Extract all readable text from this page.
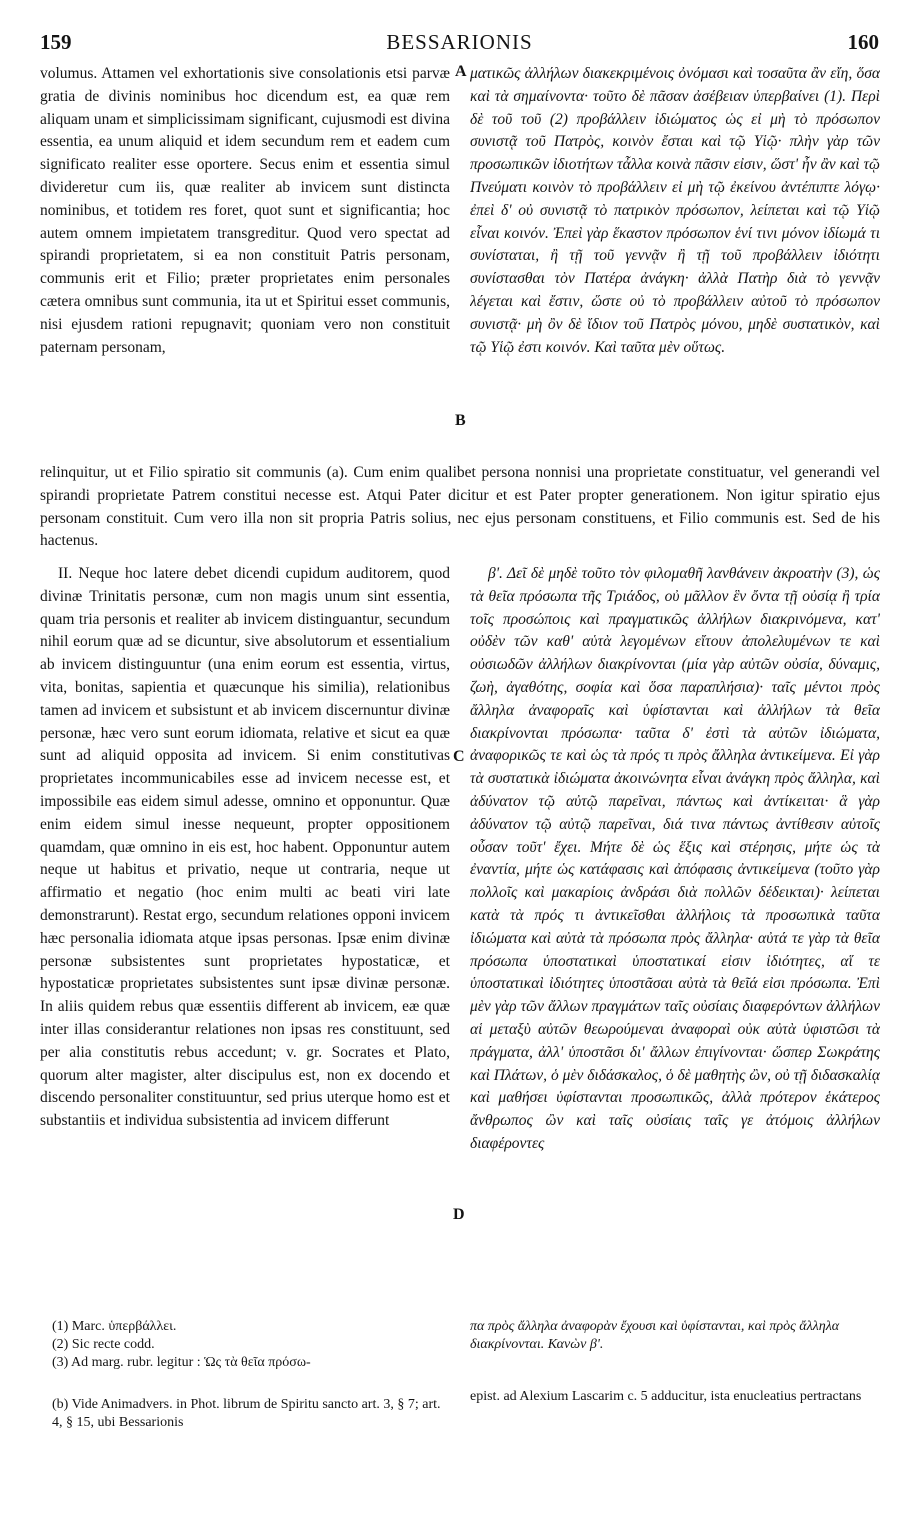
159	BESSARIONIS	160

volumus. Attamen vel exhortationis sive consolationis etsi parvæ gratia de divinis nominibus hoc dicendum est, ea quæ rem aliquam unam et simplicissimam significant, cujusmodi est divina essentia, ea unum aliquid et idem secundum rem et eadem cum significato realiter esse oportere. Secus enim et essentia simul divideretur cum iis, quæ realiter ab invicem sunt distincta nominibus, et totidem res foret, quot sunt et significantia; hoc autem omnem impietatem transgreditur. Quod vero spectat ad spirandi proprietatem, si ea non constituit Patris personam, communis erit et Filio; præter proprietates enim personales cætera omnibus sunt communia, ita ut et Spiritui esset communis, nisi ejusdem rationi repugnavit; quoniam vero non constituit paternam personam,

A
B

ματικῶς ἀλλήλων διακεκριμένοις ὀνόμασι καὶ τοσαῦτα ἂν εἴη, ὅσα καὶ τὰ σημαίνοντα· τοῦτο δὲ πᾶσαν ἀσέβειαν ὑπερβαίνει (1). Περὶ δὲ τοῦ τοῦ (2) προβάλλειν ἰδιώματος ὡς εἰ μὴ τὸ πρόσωπον συνιστᾷ τοῦ Πατρὸς, κοινὸν ἔσται καὶ τῷ Υἱῷ· πλὴν γὰρ τῶν προσωπικῶν ἰδιοτήτων τἆλλα κοινὰ πᾶσιν εἰσιν, ὥστ' ἦν ἂν καὶ τῷ Πνεύματι κοινὸν τὸ προβάλλειν εἰ μὴ τῷ ἐκείνου ἀντέπιπτε λόγῳ· ἐπεὶ δ' οὐ συνιστᾷ τὸ πατρικὸν πρόσωπον, λείπεται καὶ τῷ Υἱῷ εἶναι κοινόν. Ἐπεὶ γὰρ ἕκαστον πρόσωπον ἑνί τινι μόνον ἰδίωμά τι συνίσταται, ἢ τῇ τοῦ γεννᾷν ἢ τῇ τοῦ προβάλλειν ἰδιότητι συνίστασθαι τὸν Πατέρα ἀνάγκη· ἀλλὰ Πατὴρ διὰ τὸ γεννᾷν λέγεται καὶ ἔστιν, ὥστε οὐ τὸ προβάλλειν αὐτοῦ τὸ πρόσωπον συνιστᾷ· μὴ ὂν δὲ ἴδιον τοῦ Πατρὸς μόνου, μηδὲ συστατικὸν, καὶ τῷ Υἱῷ ἐστι κοινόν. Καὶ ταῦτα μὲν οὕτως.

relinquitur, ut et Filio spiratio sit communis (a). Cum enim qualibet persona nonnisi una proprietate constituatur, vel generandi vel spirandi proprietate Patrem constitui necesse est. Atqui Pater dicitur et est Pater propter generationem. Non igitur spiratio ejus personam constituit. Cum vero illa non sit propria Patris solius, nec ejus personam constituens, et Filio communis est. Sed de his hactenus.

II. Neque hoc latere debet dicendi cupidum auditorem, quod divinæ Trinitatis personæ, cum non magis unum sint essentia, quam tria personis et realiter ab invicem distinguantur, secundum nihil eorum quæ ad se dicuntur, sive absolutorum et essentialium ab invicem distinguuntur (una enim eorum est essentia, virtus, vita, bonitas, sapientia et quæcunque his similia), relationibus tamen ad invicem et subsistunt et ab invicem discernuntur divinæ personæ, hæc vero sunt eorum idiomata, relative et sicut ea quæ sunt ad aliquid opposita ad invicem. Si enim constitutivas proprietates incommunicabiles esse ad invicem necesse est, et impossibile eas eidem simul adesse, omnino et opponuntur. Quæ enim eidem simul inesse nequeunt, propter oppositionem quamdam, quæ omnino in eis est, hoc habent. Opponuntur autem neque ut habitus et privatio, neque ut contraria, neque ut affirmatio et negatio (hoc enim multi ac beati viri late demonstrarunt). Restat ergo, secundum relationes opponi invicem hæc personalia idiomata atque ipsas personas. Ipsæ enim divinæ personæ subsistentes sunt proprietates hypostaticæ, et hypostaticæ proprietates subsistentes sunt ipsæ divinæ personæ. In aliis quidem rebus quæ essentiis different ab invicem, eæ quæ inter illas considerantur relationes non ipsas res constituunt, sed per alia constitutis rebus accedunt; v. gr. Socrates et Plato, quorum alter magister, alter discipulus est, non ex docendo et discendo personaliter constituuntur, sed prius uterque homo est et substantiis et individua subsistentia ad invicem differunt

C
D

β'. Δεῖ δὲ μηδὲ τοῦτο τὸν φιλομαθῆ λανθάνειν ἀκροατὴν (3), ὡς τὰ θεῖα πρόσωπα τῆς Τριάδος, οὐ μᾶλλον ἓν ὄντα τῇ οὐσίᾳ ἢ τρία τοῖς προσώποις καὶ πραγματικῶς ἀλλήλων διακρινόμενα, κατ' οὐδὲν τῶν καθ' αὑτὰ λεγομένων εἴτουν ἀπολελυμένων τε καὶ οὐσιωδῶν ἀλλήλων διακρίνονται (μία γὰρ αὐτῶν οὐσία, δύναμις, ζωὴ, ἀγαθότης, σοφία καὶ ὅσα παραπλήσια)· ταῖς μέντοι πρὸς ἄλληλα ἀναφοραῖς καὶ ὑφίστανται καὶ ἀλλήλων τὰ θεῖα διακρίνονται πρόσωπα· ταῦτα δ' ἐστὶ τὰ αὐτῶν ἰδιώματα, ἀναφορικῶς τε καὶ ὡς τὰ πρός τι πρὸς ἄλληλα ἀντικείμενα. Εἰ γὰρ τὰ συστατικὰ ἰδιώματα ἀκοινώνητα εἶναι ἀνάγκη πρὸς ἄλληλα, καὶ ἀδύνατον τῷ αὐτῷ παρεῖναι, πάντως καὶ ἀντίκειται· ἃ γὰρ ἀδύνατον τῷ αὐτῷ παρεῖναι, διά τινα πάντως ἀντίθεσιν αὐτοῖς οὖσαν τοῦτ' ἔχει. Μήτε δὲ ὡς ἕξις καὶ στέρησις, μήτε ὡς τὰ ἐναντία, μήτε ὡς κατάφασις καὶ ἀπόφασις ἀντικείμενα (τοῦτο γὰρ πολλοῖς καὶ μακαρίοις ἀνδράσι διὰ πολλῶν δέδεικται)· λείπεται κατὰ τὰ πρός τι ἀντικεῖσθαι ἀλλήλοις τὰ προσωπικὰ ταῦτα ἰδιώματα καὶ αὐτὰ τὰ πρόσωπα πρὸς ἄλληλα· αὐτά τε γὰρ τὰ θεῖα πρόσωπα ὑποστατικαὶ ὑποστατικαί εἰσιν ἰδιότητες, αἵ τε ὑποστατικαὶ ἰδιότητες ὑποστᾶσαι αὐτὰ τὰ θεῖά εἰσι πρόσωπα. Ἐπὶ μὲν γὰρ τῶν ἄλλων πραγμάτων ταῖς οὐσίαις διαφερόντων ἀλλήλων αἱ μεταξὺ αὐτῶν θεωρούμεναι ἀναφοραὶ οὐκ αὐτὰ ὑφιστῶσι τὰ πράγματα, ἀλλ' ὑποστᾶσι δι' ἄλλων ἐπιγίνονται· ὥσπερ Σωκράτης καὶ Πλάτων, ὁ μὲν διδάσκαλος, ὁ δὲ μαθητὴς ὢν, οὐ τῇ διδασκαλίᾳ καὶ μαθήσει ὑφίστανται προσωπικῶς, ἀλλὰ πρότερον ἑκάτερος ἄνθρωπος ὢν καὶ ταῖς οὐσίαις ταῖς γε ἀτόμοις ἀλλήλων διαφέροντες

(1) Marc. ὑπερβάλλει.

(2) Sic recte codd.

(3) Ad marg. rubr. legitur : Ὡς τὰ θεῖα πρόσω-

(b) Vide Animadvers. in Phot. librum de Spiritu sancto art. 3, § 7; art. 4, § 15, ubi Bessarionis

πα πρὸς ἄλληλα ἀναφορὰν ἔχουσι καὶ ὑφίστανται, καὶ πρὸς ἄλληλα διακρίνονται. Κανὼν β'.

epist. ad Alexium Lascarim c. 5 adducitur, ista enucleatius pertractans
